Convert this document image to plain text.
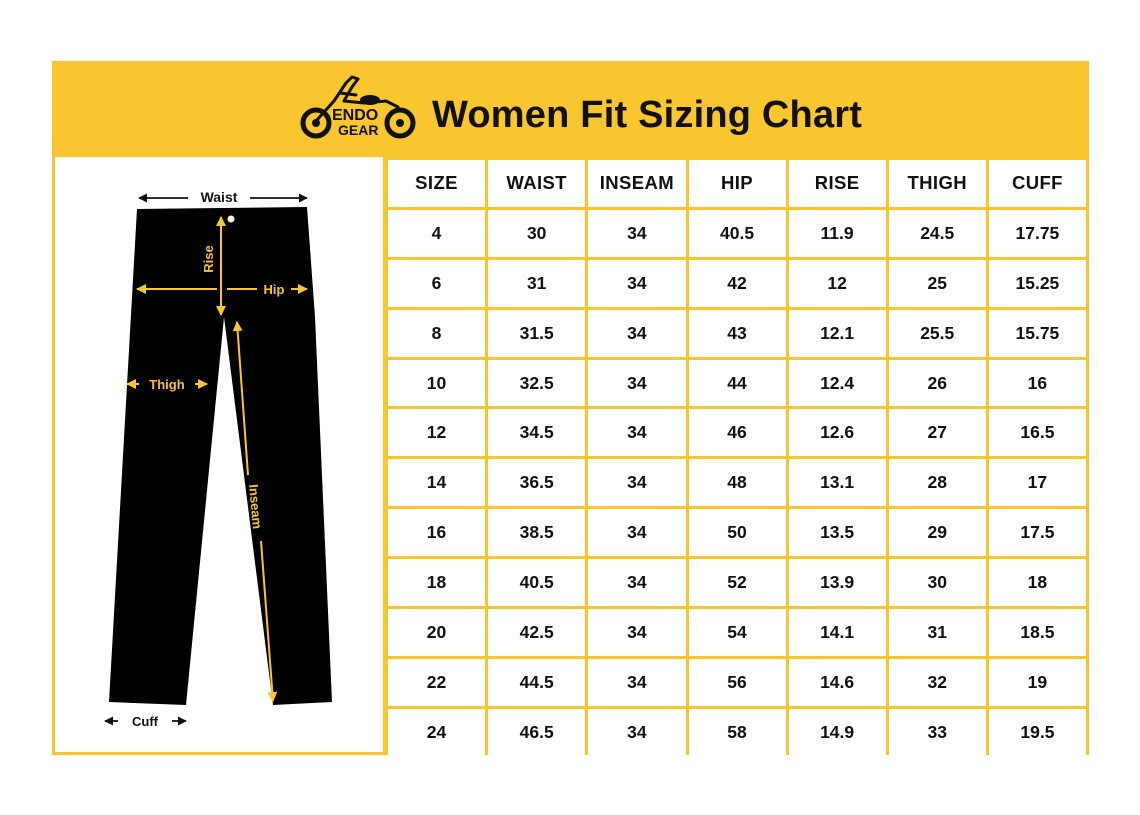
ENDO
GEAR Women Fit Sizing Chart
Waist
Rise
Hip
Thigh
Inseam
Cuff
SIZE	WAIST	INSEAM	HIP	RISE	THIGH	CUFF
4	30	34	40.5	11.9	24.5	17.75
6	31	34	42	12	25	15.25
8	31.5	34	43	12.1	25.5	15.75
10	32.5	34	44	12.4	26	16
12	34.5	34	46	12.6	27	16.5
14	36.5	34	48	13.1	28	17
16	38.5	34	50	13.5	29	17.5
18	40.5	34	52	13.9	30	18
20	42.5	34	54	14.1	31	18.5
22	44.5	34	56	14.6	32	19
24	46.5	34	58	14.9	33	19.5
